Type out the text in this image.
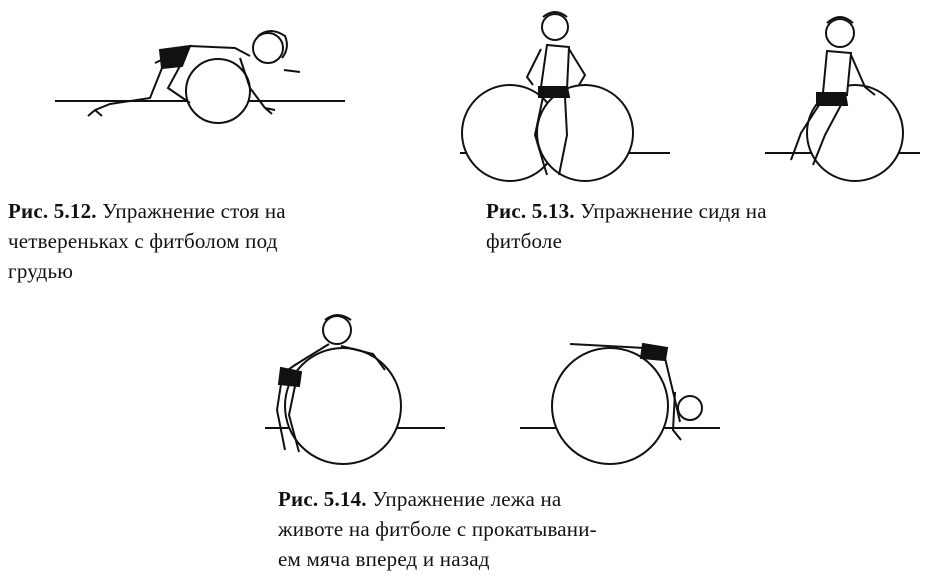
Рис. 5.12. Упражнение стоя на
четвереньках с фитболом под
грудью
Рис. 5.13. Упражнение сидя на
фитболе
Рис. 5.14. Упражнение лежа на
животе на фитболе с прокатывани-
ем мяча вперед и назад
